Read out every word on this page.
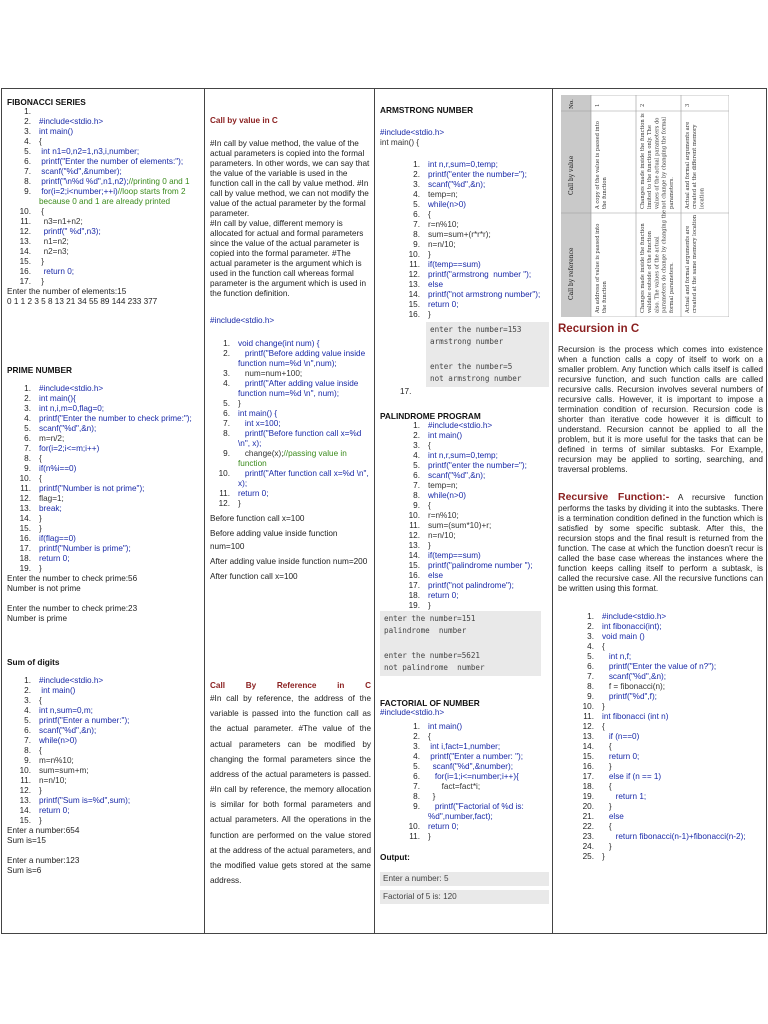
FIBONACCI SERIES
1.
2. #include<stdio.h>
3. int main()
4. {
5. int n1=0,n2=1,n3,i,number;
6. printf("Enter the number of elements:");
7. scanf("%d",&number);
8. printf("\n%d %d",n1,n2);//printing 0 and 1
9. for(i=2;i<number;++i)//loop starts from 2 because 0 and 1 are already printed
10. {
11. n3=n1+n2;
12. printf(" %d",n3);
13. n1=n2;
14. n2=n3;
15. }
16. return 0;
17. }
Enter the number of elements:15
0 1 1 2 3 5 8 13 21 34 55 89 144 233 377
PRIME NUMBER
1. #include<stdio.h>
2. int main(){
3. int n,i,m=0,flag=0;
4. printf("Enter the number to check prime:");
5. scanf("%d",&n);
6. m=n/2;
7. for(i=2;i<=m;i++)
8. {
9. if(n%i==0)
10. {
11. printf("Number is not prime");
12. flag=1;
13. break;
14. }
15. }
16. if(flag==0)
17. printf("Number is prime");
18. return 0;
19. }
Enter the number to check prime:56
Number is not prime
Enter the number to check prime:23
Number is prime
Sum of digits
1. #include<stdio.h>
2. int main()
3. {
4. int n,sum=0,m;
5. printf("Enter a number:");
6. scanf("%d",&n);
7. while(n>0)
8. {
9. m=n%10;
10. sum=sum+m;
11. n=n/10;
12. }
13. printf("Sum is=%d",sum);
14. return 0;
15. }
Enter a number:654
Sum is=15
Enter a number:123
Sum is=6
Call by value in C
#In call by value method, the value of the actual parameters is copied into the formal parameters. In other words, we can say that the value of the variable is used in the function call in the call by value method. #In call by value method, we can not modify the value of the actual parameter by the formal parameter.
#In call by value, different memory is allocated for actual and formal parameters since the value of the actual parameter is copied into the formal parameter. #The actual parameter is the argument which is used in the function call whereas formal parameter is the argument which is used in the function definition.
#include<stdio.h>
1. void change(int num) {
2. printf("Before adding value inside function num=%d \n",num);
3. num=num+100;
4. printf("After adding value inside function num=%d \n", num);
5. }
6. int main() {
7. int x=100;
8. printf("Before function call x=%d \n", x);
9. change(x);//passing value in function
10. printf("After function call x=%d \n", x);
11. return 0;
12. }
Before function call x=100
Before adding value inside function num=100
After adding value inside function num=200
After function call x=100
Call By Reference in C
#In call by reference, the address of the variable is passed into the function call as the actual parameter. #The value of the actual parameters can be modified by changing the formal parameters since the address of the actual parameters is passed. #In call by reference, the memory allocation is similar for both formal parameters and actual parameters. All the operations in the function are performed on the value stored at the address of the actual parameters, and the modified value gets stored at the same address.
ARMSTRONG NUMBER
#include<stdio.h>
int main() {
1. int n,r,sum=0,temp;
2. printf("enter the number=");
3. scanf("%d",&n);
4. temp=n;
5. while(n>0)
6. {
7. r=n%10;
8. sum=sum+(r*r*r);
9. n=n/10;
10. }
11. if(temp==sum)
12. printf("armstrong  number ");
13. else
14. printf("not armstrong number");
15. return 0;
16. }
enter the number=153
armstrong number

enter the number=5
not armstrong number
17.
PALINDROME PROGRAM
1. #include<stdio.h>
2. int main()
3. {
4. int n,r,sum=0,temp;
5. printf("enter the number=");
6. scanf("%d",&n);
7. temp=n;
8. while(n>0)
9. {
10. r=n%10;
11. sum=(sum*10)+r;
12. n=n/10;
13. }
14. if(temp==sum)
15. printf("palindrome number ");
16. else
17. printf("not palindrome");
18. return 0;
19. }
enter the number=151
palindrome  number

enter the number=5621
not palindrome  number
FACTORIAL OF NUMBER
#include<stdio.h>
1. int main()
2. {
3. int i,fact=1,number;
4. printf("Enter a number: ");
5. scanf("%d",&number);
6. for(i=1;i<=number;i++){
7. fact=fact*i;
8. }
9. printf("Factorial of %d is: %d",number,fact);
10. return 0;
11. }
Output:
Enter a number: 5
Factorial of 5 is: 120
No.
Call by value
Call by reference
1
A copy of the value is passed into the function
An address of value is passed into the function
2
Changes made inside the function is limited to the function only. The values of the actual parameters do not change by changing the formal parameters.
Changes made inside the function validate outside of the function also. The values of the actual parameters do change by changing the formal parameters.
3
Actual and formal arguments are created at the different memory location
Actual and formal arguments are created at the same memory location
Recursion in C
Recursion is the process which comes into existence when a function calls a copy of itself to work on a smaller problem. Any function which calls itself is called recursive function, and such function calls are called recursive calls. Recursion involves several numbers of recursive calls. However, it is important to impose a termination condition of recursion. Recursion code is shorter than iterative code however it is difficult to understand. Recursion cannot be applied to all the problem, but it is more useful for the tasks that can be defined in terms of similar subtasks. For Example, recursion may be applied to sorting, searching, and traversal problems.
Recursive Function:- A recursive function performs the tasks by dividing it into the subtasks. There is a termination condition defined in the function which is satisfied by some specific subtask. After this, the recursion stops and the final result is returned from the function. The case at which the function doesn't recur is called the base case whereas the instances where the function keeps calling itself to perform a subtask, is called the recursive case. All the recursive functions can be written using this format.
1. #include<stdio.h>
2. int fibonacci(int);
3. void main ()
4. {
5. int n,f;
6. printf("Enter the value of n?");
7. scanf("%d",&n);
8. f = fibonacci(n);
9. printf("%d",f);
10. }
11. int fibonacci (int n)
12. {
13. if (n==0)
14. {
15. return 0;
16. }
17. else if (n == 1)
18. {
19. return 1;
20. }
21. else
22. {
23. return fibonacci(n-1)+fibonacci(n-2);
24. }
25. }
